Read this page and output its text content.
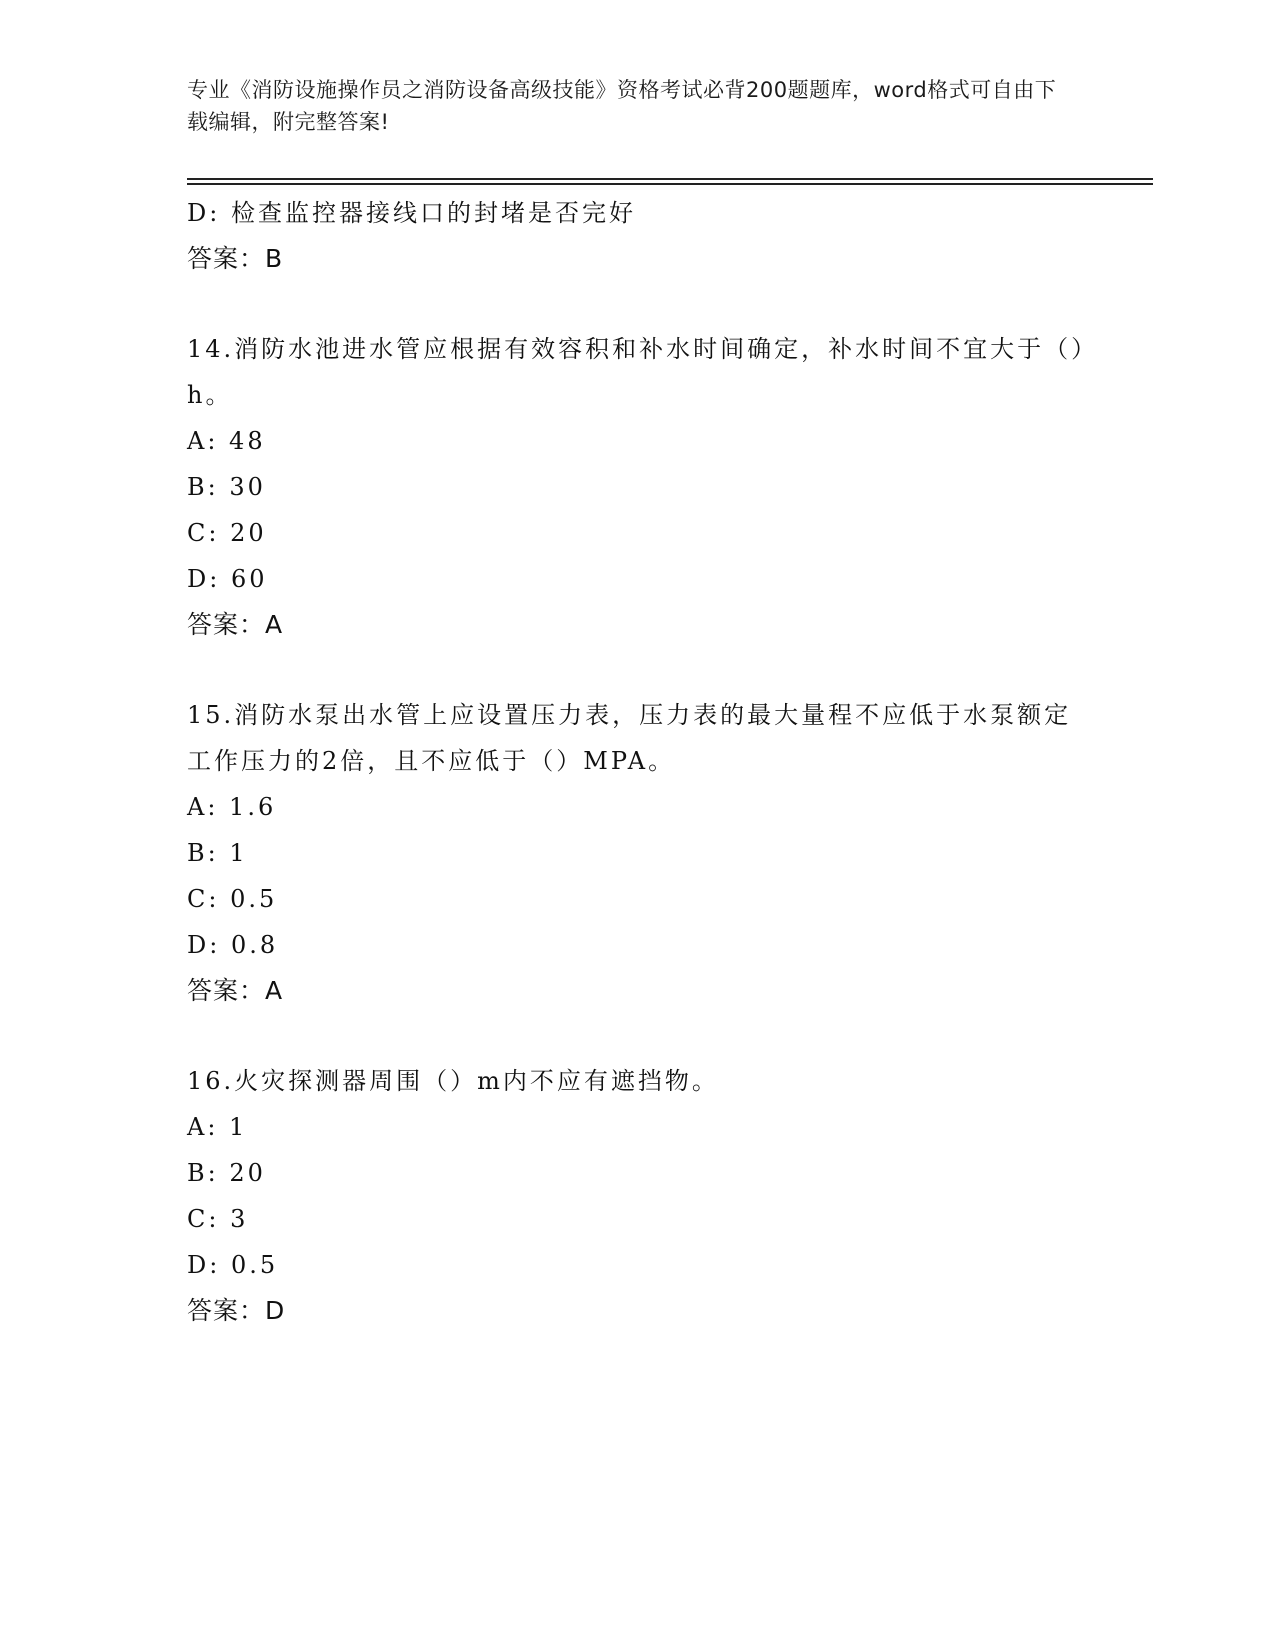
专业《消防设施操作员之消防设备高级技能》资格考试必背200题题库，word格式可自由下载编辑，附完整答案!
D: 检查监控器接线口的封堵是否完好
答案：B
14.消防水池进水管应根据有效容积和补水时间确定，补水时间不宜大于（）h。
A: 48
B: 30
C: 20
D: 60
答案：A
15.消防水泵出水管上应设置压力表，压力表的最大量程不应低于水泵额定工作压力的2倍，且不应低于（）MPA。
A: 1.6
B: 1
C: 0.5
D: 0.8
答案：A
16.火灾探测器周围（）m内不应有遮挡物。
A: 1
B: 20
C: 3
D: 0.5
答案：D
